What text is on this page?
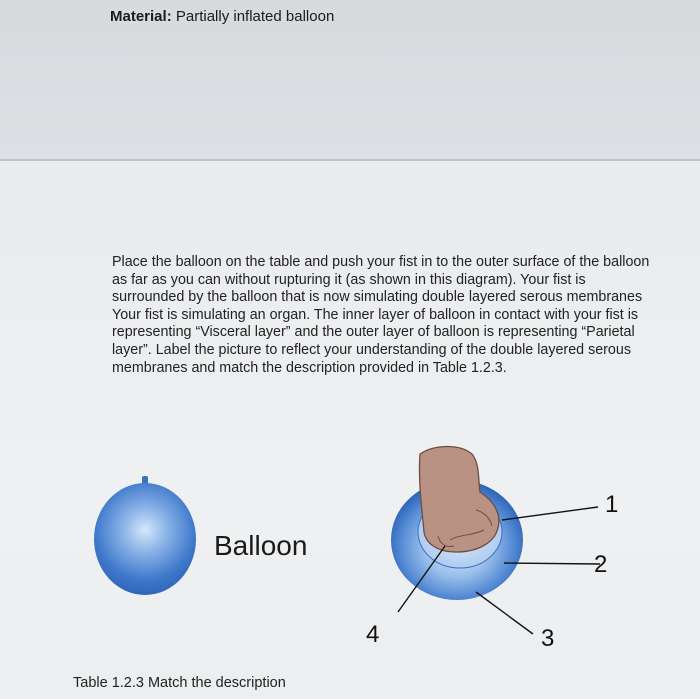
Material: Partially inflated balloon
Place the balloon on the table and push your fist in to the outer surface of the balloon as far as you can without rupturing it (as shown in this diagram). Your fist is surrounded by the balloon that is now simulating double layered serous membranes Your fist is simulating an organ. The inner layer of balloon in contact with your fist is representing “Visceral layer” and the outer layer of balloon is representing “Parietal layer”. Label the picture to reflect your understanding of the double layered serous membranes and match the description provided in Table 1.2.3.
Balloon
1
2
3
4
Table 1.2.3 Match the description
